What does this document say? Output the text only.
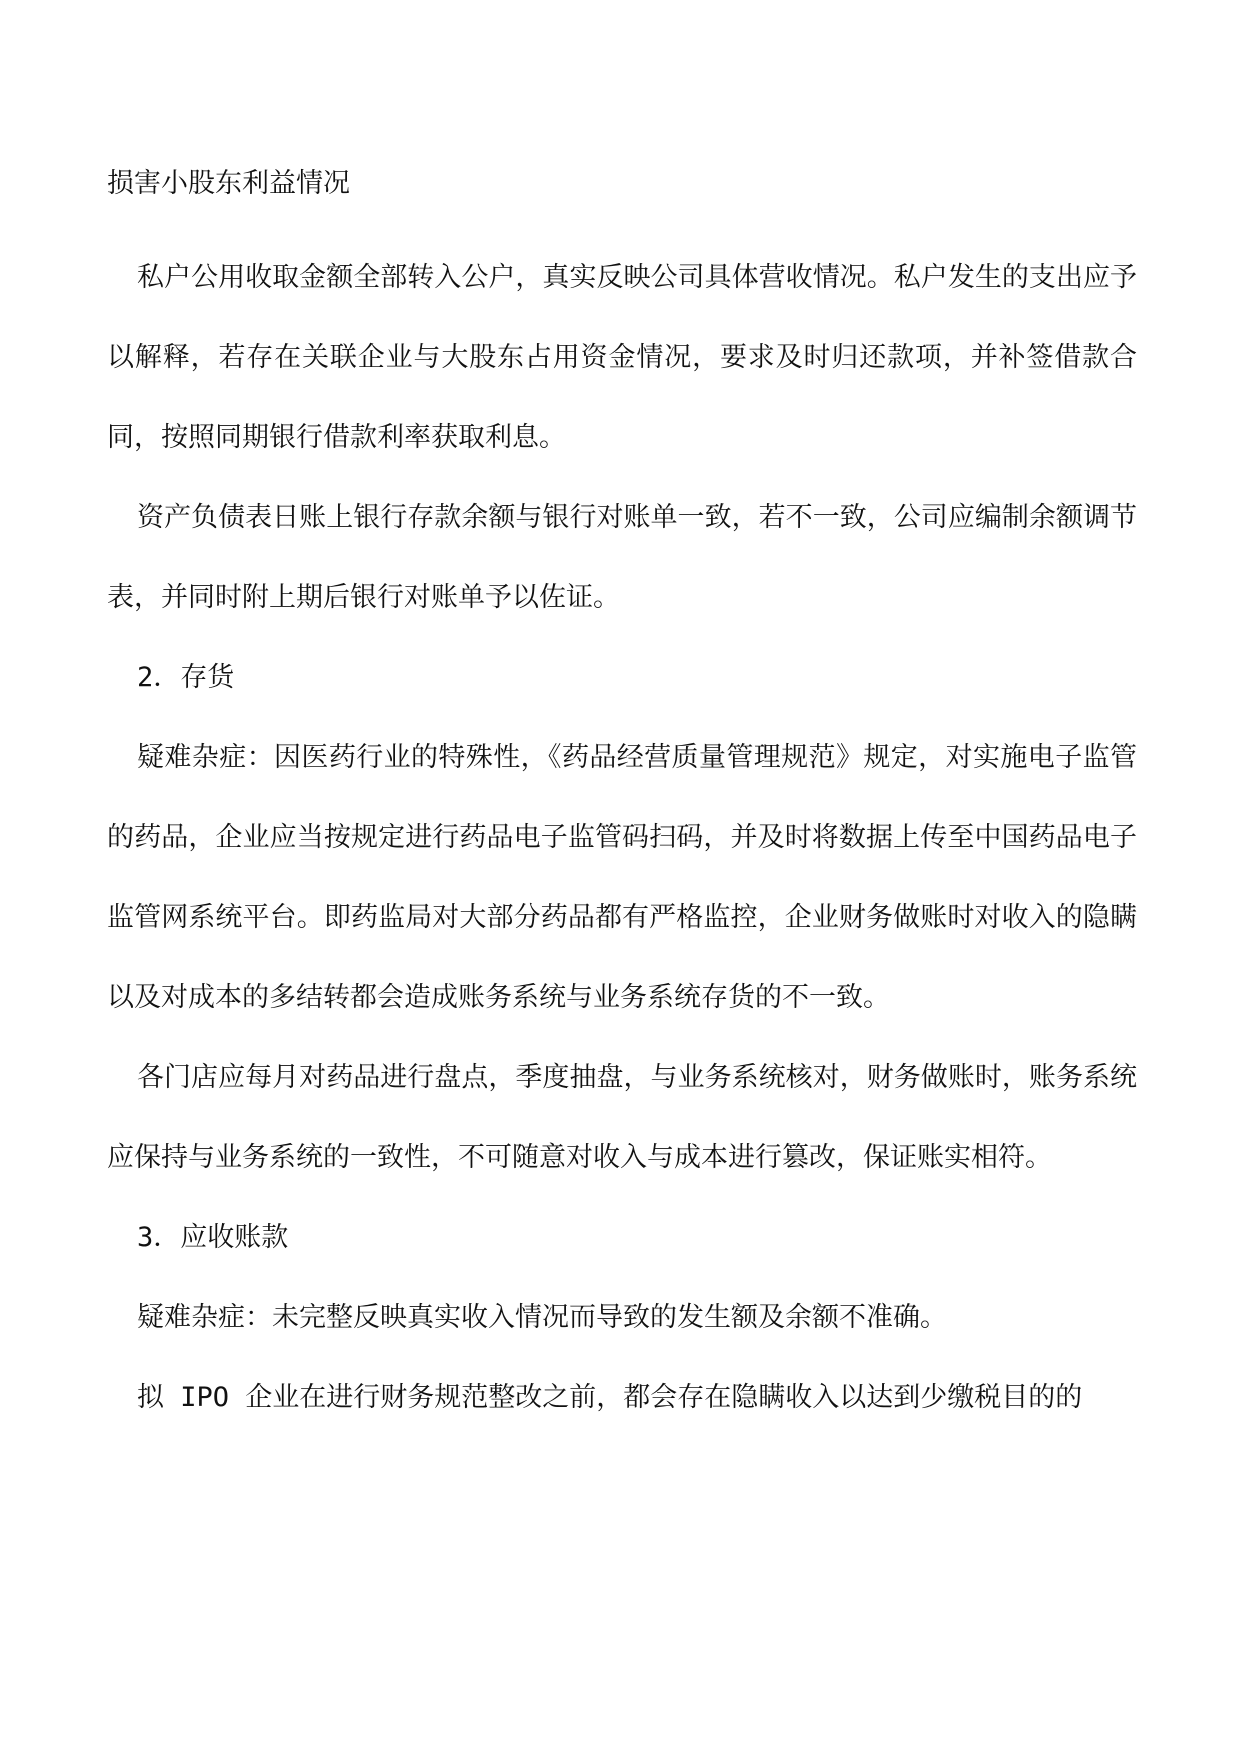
损害小股东利益情况

私户公用收取金额全部转入公户，真实反映公司具体营收情况。私户发生的支出应予以解释，若存在关联企业与大股东占用资金情况，要求及时归还款项，并补签借款合同，按照同期银行借款利率获取利息。

资产负债表日账上银行存款余额与银行对账单一致，若不一致，公司应编制余额调节表，并同时附上期后银行对账单予以佐证。

2．存货

疑难杂症：因医药行业的特殊性，《药品经营质量管理规范》规定，对实施电子监管的药品，企业应当按规定进行药品电子监管码扫码，并及时将数据上传至中国药品电子监管网系统平台。即药监局对大部分药品都有严格监控，企业财务做账时对收入的隐瞒以及对成本的多结转都会造成账务系统与业务系统存货的不一致。

各门店应每月对药品进行盘点，季度抽盘，与业务系统核对，财务做账时，账务系统应保持与业务系统的一致性，不可随意对收入与成本进行篡改，保证账实相符。

3．应收账款

疑难杂症：未完整反映真实收入情况而导致的发生额及余额不准确。

拟 IPO 企业在进行财务规范整改之前，都会存在隐瞒收入以达到少缴税目的的
